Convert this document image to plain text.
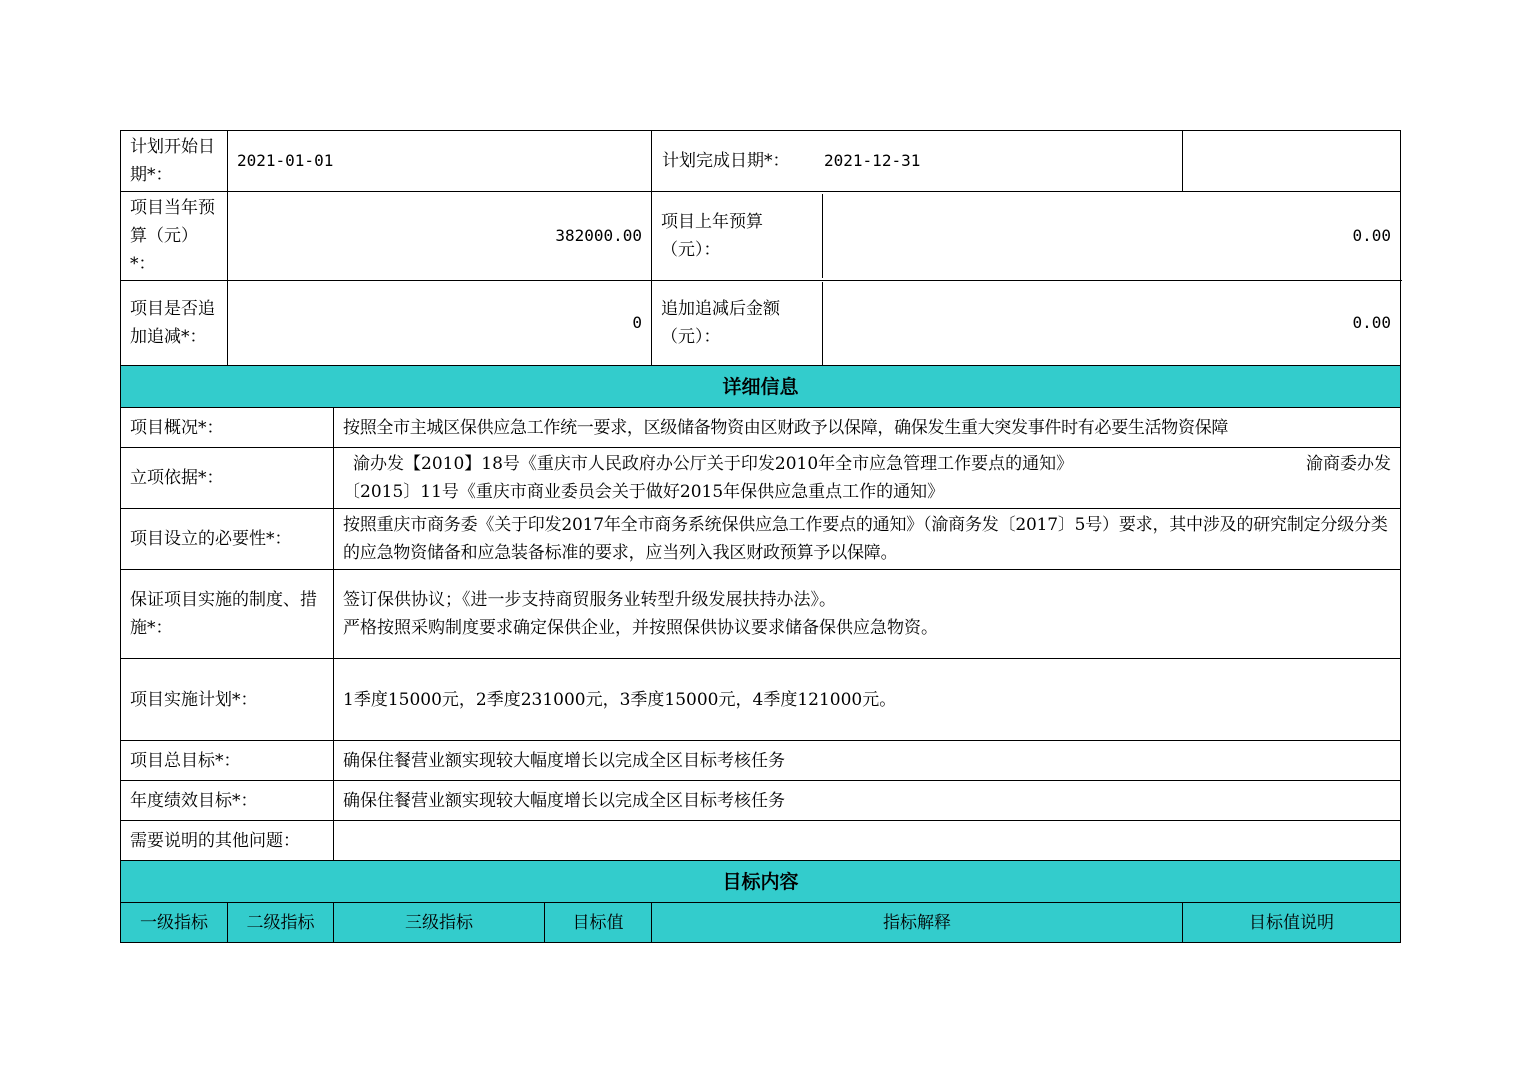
计划开始日期*：	2021-01-01			计划完成日期*： 2021-12-31	
项目当年预算（元）*：	382000.00			项目上年预算（元）：
0.00	

项目是否追加追减*：	0			追加追减后金额（元）：
0.00	

详细信息					
项目概况*：		按照全市主城区保供应急工作统一要求，区级储备物资由区财政予以保障，确保发生重大突发事件时有必要生活物资保障			
立项依据*：		渝办发【2010】18号《重庆市人民政府办公厅关于印发2010年全市应急管理工作要点的通知》 渝商委办发
〔2015〕11号《重庆市商业委员会关于做好2015年保供应急重点工作的通知》			

项目设立的必要性*：		按照重庆市商务委《关于印发2017年全市商务系统保供应急工作要点的通知》（渝商务发〔2017〕5号）要求，其中涉及的研究制定分级分类的应急物资储备和应急装备标准的要求，应当列入我区财政预算予以保障。			
保证项目实施的制度、措施*：		签订保供协议；《进一步支持商贸服务业转型升级发展扶持办法》。
严格按照采购制度要求确定保供企业，并按照保供协议要求储备保供应急物资。			

项目实施计划*：		1季度15000元，2季度231000元，3季度15000元，4季度121000元。			
项目总目标*：		确保住餐营业额实现较大幅度增长以完成全区目标考核任务			
年度绩效目标*：		确保住餐营业额实现较大幅度增长以完成全区目标考核任务			
需要说明的其他问题：					
目标内容					
一级指标	二级指标	三级指标	目标值	指标解释	目标值说明
